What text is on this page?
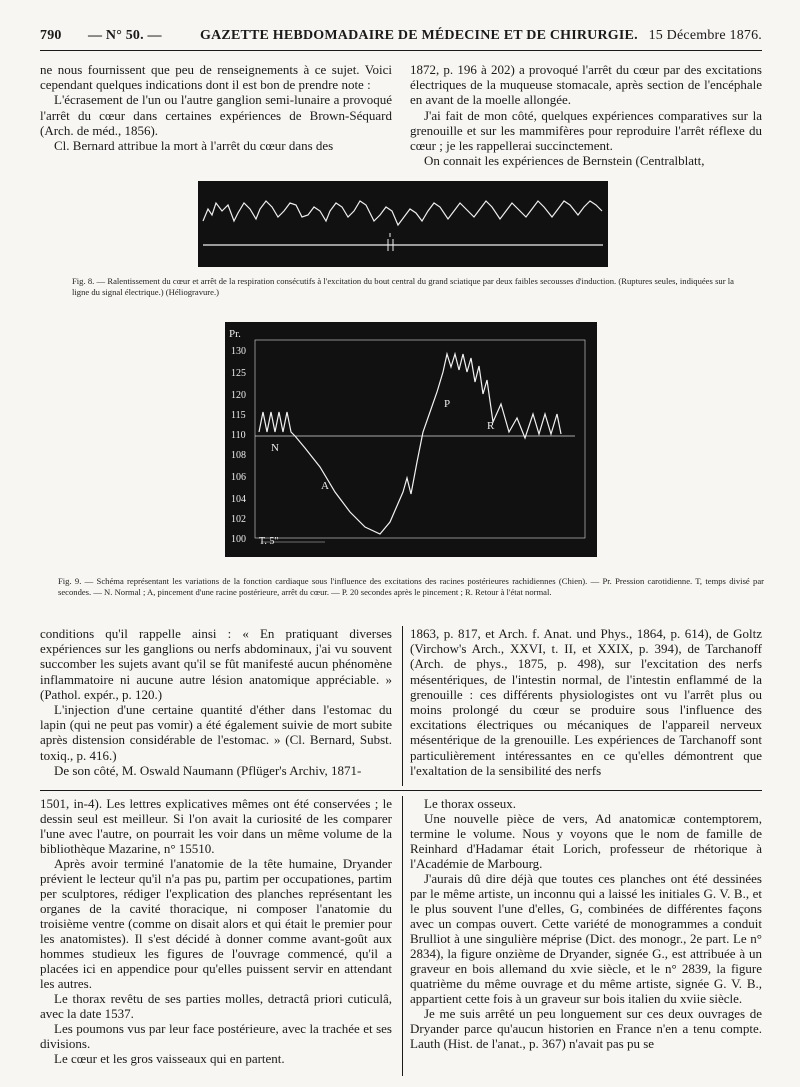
790 — N° 50. —	GAZETTE HEBDOMADAIRE DE MÉDECINE ET DE CHIRURGIE. 15 Décembre 1876.

ne nous fournissent que peu de renseignements à ce sujet. Voici cependant quelques indications dont il est bon de prendre note :

L'écrasement de l'un ou l'autre ganglion semi-lunaire a provoqué l'arrêt du cœur dans certaines expériences de Brown-Séquard (Arch. de méd., 1856).

Cl. Bernard attribue la mort à l'arrêt du cœur dans des

1872, p. 196 à 202) a provoqué l'arrêt du cœur par des excitations électriques de la muqueuse stomacale, après section de l'encéphale en avant de la moelle allongée.

J'ai fait de mon côté, quelques expériences comparatives sur la grenouille et sur les mammifères pour reproduire l'arrêt réflexe du cœur ; je les rappellerai succinctement.

On connait les expériences de Bernstein (Centralblatt,

Fig. 8. — Ralentissement du cœur et arrêt de la respiration consécutifs à l'excitation du bout central du grand sciatique par deux faibles secousses d'induction. (Ruptures seules, indiquées sur la ligne du signal électrique.) (Héliogravure.)
Pr.
130
125
120
115
110
108
106
104
102
100
N
A
P
R
T. 5"
Fig. 9. — Schéma représentant les variations de la fonction cardiaque sous l'influence des excitations des racines postérieures rachidiennes (Chien). — Pr. Pression carotidienne. T, temps divisé par secondes. — N. Normal ; A, pincement d'une racine postérieure, arrêt du cœur. — P. 20 secondes après le pincement ; R. Retour à l'état normal.

conditions qu'il rappelle ainsi : « En pratiquant diverses expériences sur les ganglions ou nerfs abdominaux, j'ai vu souvent succomber les sujets avant qu'il se fût manifesté aucun phénomène inflammatoire ni aucune autre lésion anatomique appréciable. » (Pathol. expér., p. 120.)

L'injection d'une certaine quantité d'éther dans l'estomac du lapin (qui ne peut pas vomir) a été également suivie de mort subite après distension considérable de l'estomac. » (Cl. Bernard, Subst. toxiq., p. 416.)

De son côté, M. Oswald Naumann (Pflüger's Archiv, 1871-

1863, p. 817, et Arch. f. Anat. und Phys., 1864, p. 614), de Goltz (Virchow's Arch., XXVI, t. II, et XXIX, p. 394), de Tarchanoff (Arch. de phys., 1875, p. 498), sur l'excitation des nerfs mésentériques, de l'intestin normal, de l'intestin enflammé de la grenouille : ces différents physiologistes ont vu l'arrêt plus ou moins prolongé du cœur se produire sous l'influence des excitations électriques ou mécaniques de l'appareil nerveux mésentérique de la grenouille. Les expériences de Tarchanoff sont particulièrement intéressantes en ce qu'elles démontrent que l'exaltation de la sensibilité des nerfs

1501, in-4). Les lettres explicatives mêmes ont été conservées ; le dessin seul est meilleur. Si l'on avait la curiosité de les comparer l'une avec l'autre, on pourrait les voir dans un même volume de la bibliothèque Mazarine, n° 15510.

Après avoir terminé l'anatomie de la tête humaine, Dryander prévient le lecteur qu'il n'a pas pu, partim per occupationes, partim per sculptores, rédiger l'explication des planches représentant les organes de la cavité thoracique, ni composer l'anatomie du troisième ventre (comme on disait alors et qui était le premier pour les anatomistes). Il s'est décidé à donner comme avant-goût aux hommes studieux les figures de l'ouvrage commencé, qu'il a placées ici en appendice pour qu'elles puissent servir en attendant les autres.

Le thorax revêtu de ses parties molles, detractâ priori cuticulâ, avec la date 1537.

Les poumons vus par leur face postérieure, avec la trachée et ses divisions.

Le cœur et les gros vaisseaux qui en partent.

Le thorax osseux.

Une nouvelle pièce de vers, Ad anatomicæ contemptorem, termine le volume. Nous y voyons que le nom de famille de Reinhard d'Hadamar était Lorich, professeur de rhétorique à l'Académie de Marbourg.

J'aurais dû dire déjà que toutes ces planches ont été dessinées par le même artiste, un inconnu qui a laissé les initiales G. V. B., et le plus souvent l'une d'elles, G, combinées de différentes façons avec un compas ouvert. Cette variété de monogrammes a conduit Brulliot à une singulière méprise (Dict. des monogr., 2e part. Le n° 2834), la figure onzième de Dryander, signée G., est attribuée à un graveur en bois allemand du xvie siècle, et le n° 2839, la figure quatrième du même ouvrage et du même artiste, signée G. V. B., appartient cette fois à un graveur sur bois italien du xviie siècle.

Je me suis arrêté un peu longuement sur ces deux ouvrages de Dryander parce qu'aucun historien en France n'en a tenu compte. Lauth (Hist. de l'anat., p. 367) n'avait pas pu se
